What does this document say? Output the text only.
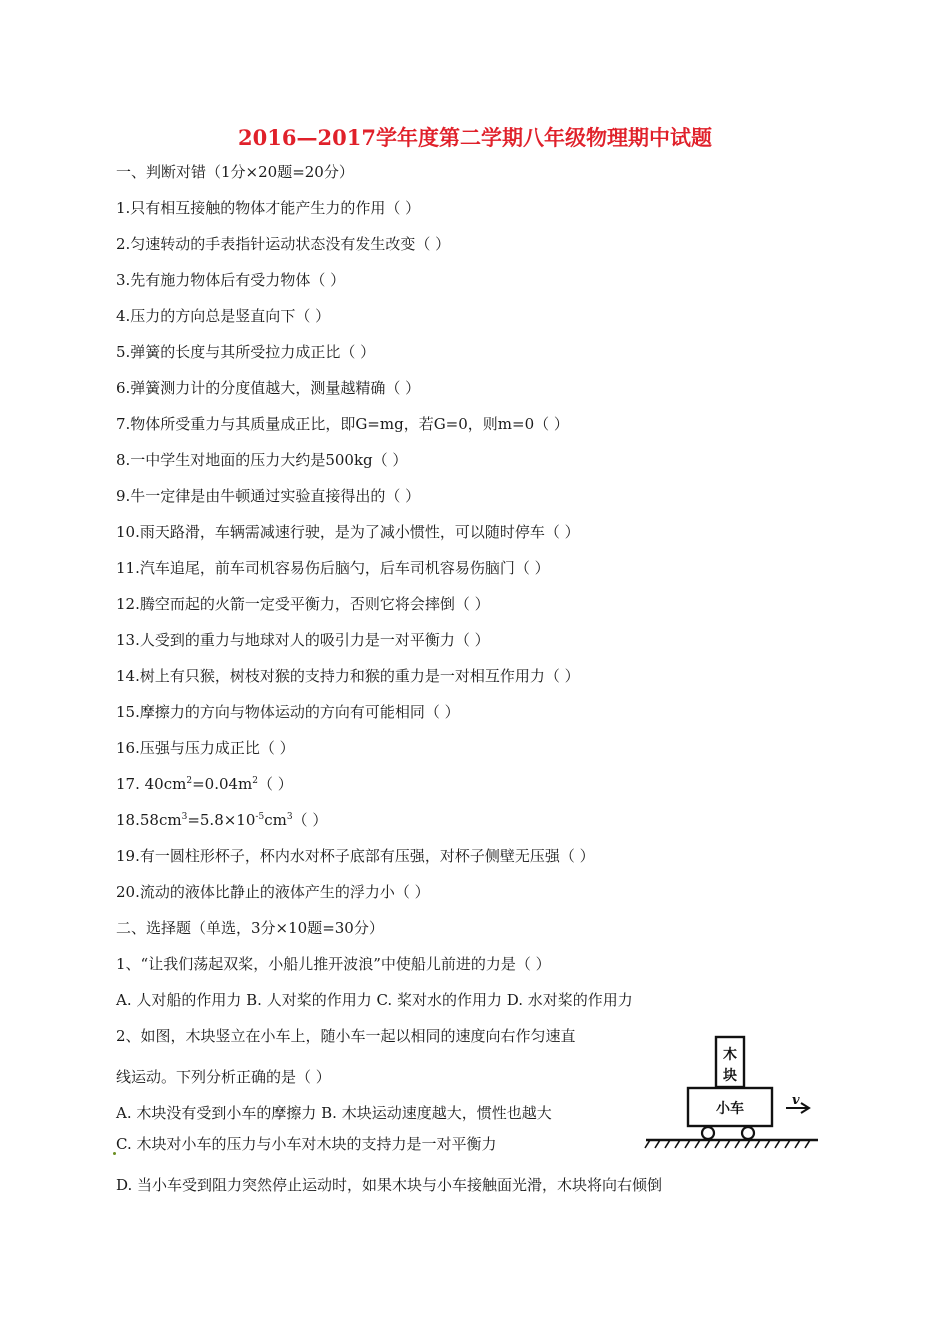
2016—2017学年度第二学期八年级物理期中试题
一、判断对错（1分×20题=20分）
1.只有相互接触的物体才能产生力的作用（ ）
2.匀速转动的手表指针运动状态没有发生改变（ ）
3.先有施力物体后有受力物体（ ）
4.压力的方向总是竖直向下（ ）
5.弹簧的长度与其所受拉力成正比（ ）
6.弹簧测力计的分度值越大，测量越精确（ ）
7.物体所受重力与其质量成正比，即G=mg，若G=0，则m=0（ ）
8.一中学生对地面的压力大约是500kg（ ）
9.牛一定律是由牛顿通过实验直接得出的（ ）
10.雨天路滑，车辆需减速行驶，是为了减小惯性，可以随时停车（ ）
11.汽车追尾，前车司机容易伤后脑勺，后车司机容易伤脑门（ ）
12.腾空而起的火箭一定受平衡力，否则它将会摔倒（ ）
13.人受到的重力与地球对人的吸引力是一对平衡力（ ）
14.树上有只猴，树枝对猴的支持力和猴的重力是一对相互作用力（ ）
15.摩擦力的方向与物体运动的方向有可能相同（ ）
16.压强与压力成正比（ ）
17. $40cm^2=0.04m^2$（ ）
$18.58cm^3=5.8\times 10^{-5}cm^3$（ ）
19.有一圆柱形杯子，杯内水对杯子底部有压强，对杯子侧壁无压强（ ）
20.流动的液体比静止的液体产生的浮力小（ ）
二、选择题（单选，3分×10题=30分）
1、“让我们荡起双桨，小船儿推开波浪”中使船儿前进的力是（ ）
A. 人对船的作用力 B. 人对桨的作用力 C. 桨对水的作用力 D. 水对桨的作用力
2、如图，木块竖立在小车上，随小车一起以相同的速度向右作匀速直
线运动。下列分析正确的是（ ）
A. 木块没有受到小车的摩擦力 B. 木块运动速度越大，惯性也越大
C. 木块对小车的压力与小车对木块的支持力是一对平衡力
D. 当小车受到阻力突然停止运动时，如果木块与小车接触面光滑，木块将向右倾倒
木
块
小车
v
